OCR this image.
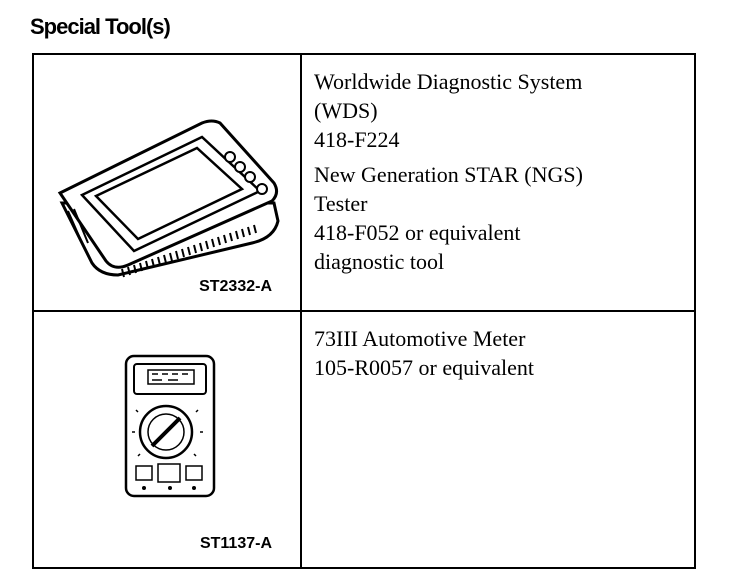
Special Tool(s)
ST2332-A
Worldwide Diagnostic System
(WDS)
418-F224
New Generation STAR (NGS)
Tester
418-F052 or equivalent
diagnostic tool
ST1137-A
73III Automotive Meter
105-R0057 or equivalent
